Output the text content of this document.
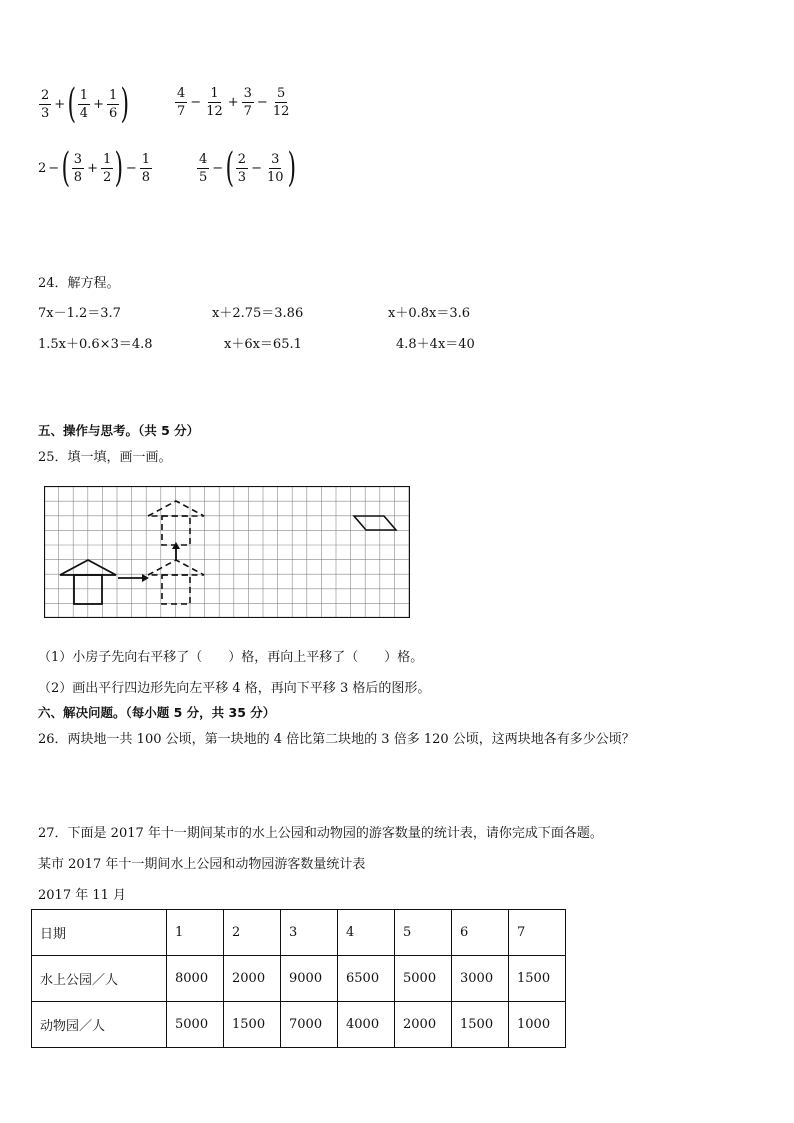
$\frac{2}{3}$ + ( $\frac{1}{4} + \frac{1}{6}$ )	$\frac{4}{7} - \frac{1}{12} + \frac{3}{7} - \frac{5}{12}$
2 − ( $\frac{3}{8} + \frac{1}{2}$ ) − $\frac{1}{8}$	$\frac{4}{5}$ − ( $\frac{2}{3} - \frac{3}{10}$ )
24．解方程。
7x－1.2＝3.7	x＋2.75＝3.86	x＋0.8x＝3.6
1.5x＋0.6×3＝4.8	x＋6x＝65.1	4.8＋4x＝40
五、操作与思考。（共 5 分）
25．填一填，画一画。
（1）小房子先向右平移了（　　）格，再向上平移了（　　）格。
（2）画出平行四边形先向左平移 4 格，再向下平移 3 格后的图形。
六、解决问题。（每小题 5 分，共 35 分）
26．两块地一共 100 公顷，第一块地的 4 倍比第二块地的 3 倍多 120 公顷，这两块地各有多少公顷？
27．下面是 2017 年十一期间某市的水上公园和动物园的游客数量的统计表，请你完成下面各题。
某市 2017 年十一期间水上公园和动物园游客数量统计表
2017 年 11 月
日期	1	2	3	4	5	6	7
水上公园／人	8000	2000	9000	6500	5000	3000	1500
动物园／人	5000	1500	7000	4000	2000	1500	1000
